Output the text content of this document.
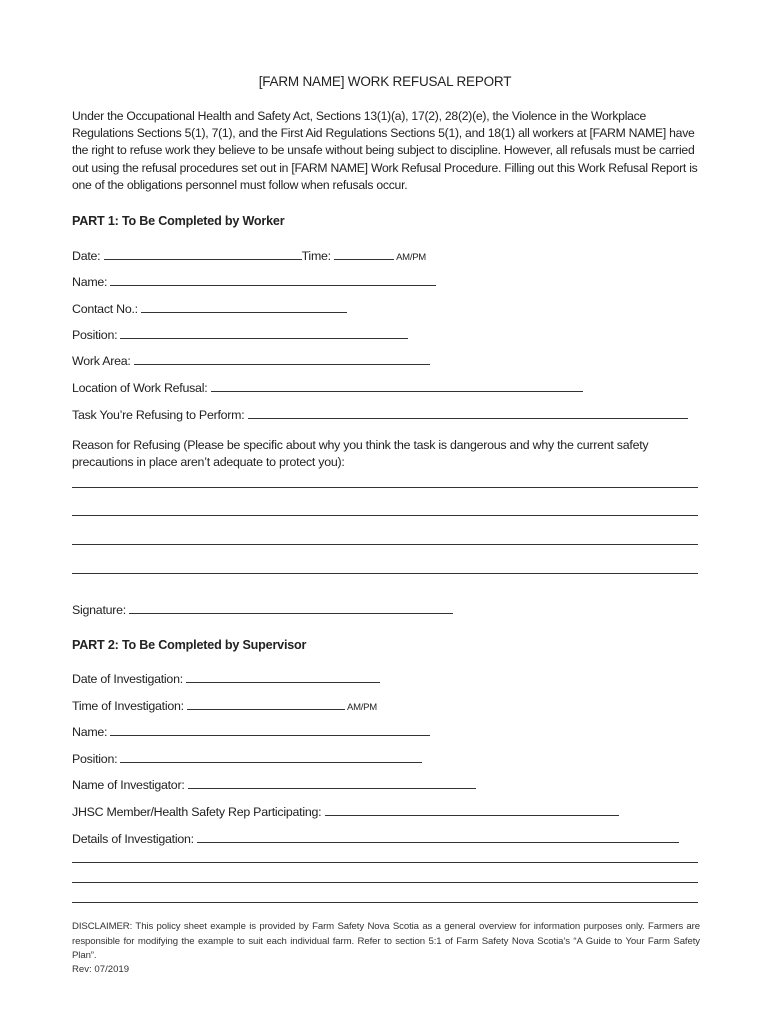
[FARM NAME] WORK REFUSAL REPORT
Under the Occupational Health and Safety Act, Sections 13(1)(a), 17(2), 28(2)(e), the Violence in the Workplace Regulations Sections 5(1), 7(1), and the First Aid Regulations Sections 5(1), and 18(1) all workers at [FARM NAME] have the right to refuse work they believe to be unsafe without being subject to discipline. However, all refusals must be carried out using the refusal procedures set out in [FARM NAME] Work Refusal Procedure. Filling out this Work Refusal Report is one of the obligations personnel must follow when refusals occur.
PART 1: To Be Completed by Worker
Date:	Time:	AM/PM
Name:
Contact No.:
Position:
Work Area:
Location of Work Refusal:
Task You’re Refusing to Perform:
Reason for Refusing (Please be specific about why you think the task is dangerous and why the current safety precautions in place aren’t adequate to protect you):
Signature:
PART 2: To Be Completed by Supervisor
Date of Investigation:
Time of Investigation:	AM/PM
Name:
Position:
Name of Investigator:
JHSC Member/Health Safety Rep Participating:
Details of Investigation:
DISCLAIMER: This policy sheet example is provided by Farm Safety Nova Scotia as a general overview for information purposes only. Farmers are responsible for modifying the example to suit each individual farm. Refer to section 5:1 of Farm Safety Nova Scotia’s “A Guide to Your Farm Safety Plan”.
Rev: 07/2019
